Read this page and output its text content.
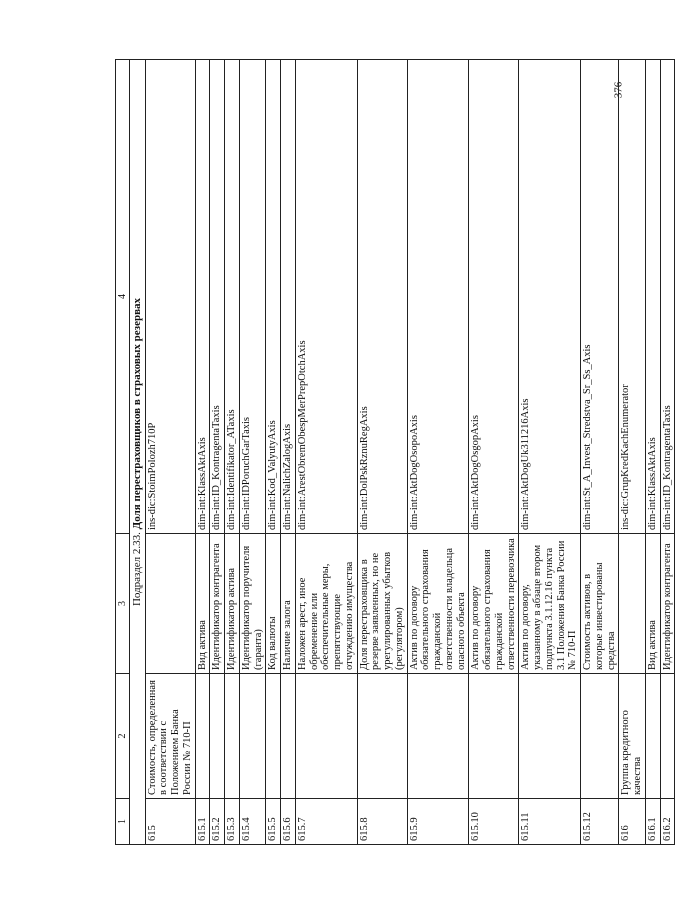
376
1	2	3	4
Подраздел 2.33. Доля перестраховщиков в страховых резервах			
615	Стоимость, определенная в соответствии с Положением Банка России № 710-П		ins-dic:StoimPolozh710P
615.1		Вид актива	dim-int:KlassAktAxis
615.2		Идентификатор контрагента	dim-int:ID_KontragentaTaxis
615.3		Идентификатор актива	dim-int:Identifikator_ATaxis
615.4		Идентификатор поручителя (гаранта)	dim-int:IDPoruchGarTaxis
615.5		Код валюты	dim-int:Kod_ValyutyAxis
615.6		Наличие залога	dim-int:NalichZalogAxis
615.7		Наложен арест, иное обременение или обеспечительные меры, препятствующие отчуждению имущества	dim-int:ArestObremObespMerPrepOtchAxis
615.8		Доля перестраховщика в резерве заявленных, но не урегулированных убытков (регулятором)	dim-int:DolPskRznuRegAxis
615.9		Актив по договору обязательного страхования гражданской ответственности владельца опасного объекта	dim-int:AktDogOsopoAxis
615.10		Актив по договору обязательного страхования гражданской ответственности перевозчика	dim-int:AktDogOsgopAxis
615.11		Актив по договору, указанному в абзаце втором подпункта 3.1.12.16 пункта 3.1 Положения Банка России № 710-П	dim-int:AktDogUk311216Axis
615.12		Стоимость активов, в которые инвестированы средства	dim-int:St_A_Invest_Stredstva_Sr_Ss_Axis
616	Группа кредитного качества		ins-dic:GrupKredKachEnumerator
616.1		Вид актива	dim-int:KlassAktAxis
616.2		Идентификатор контрагента	dim-int:ID_KontragentaTaxis
